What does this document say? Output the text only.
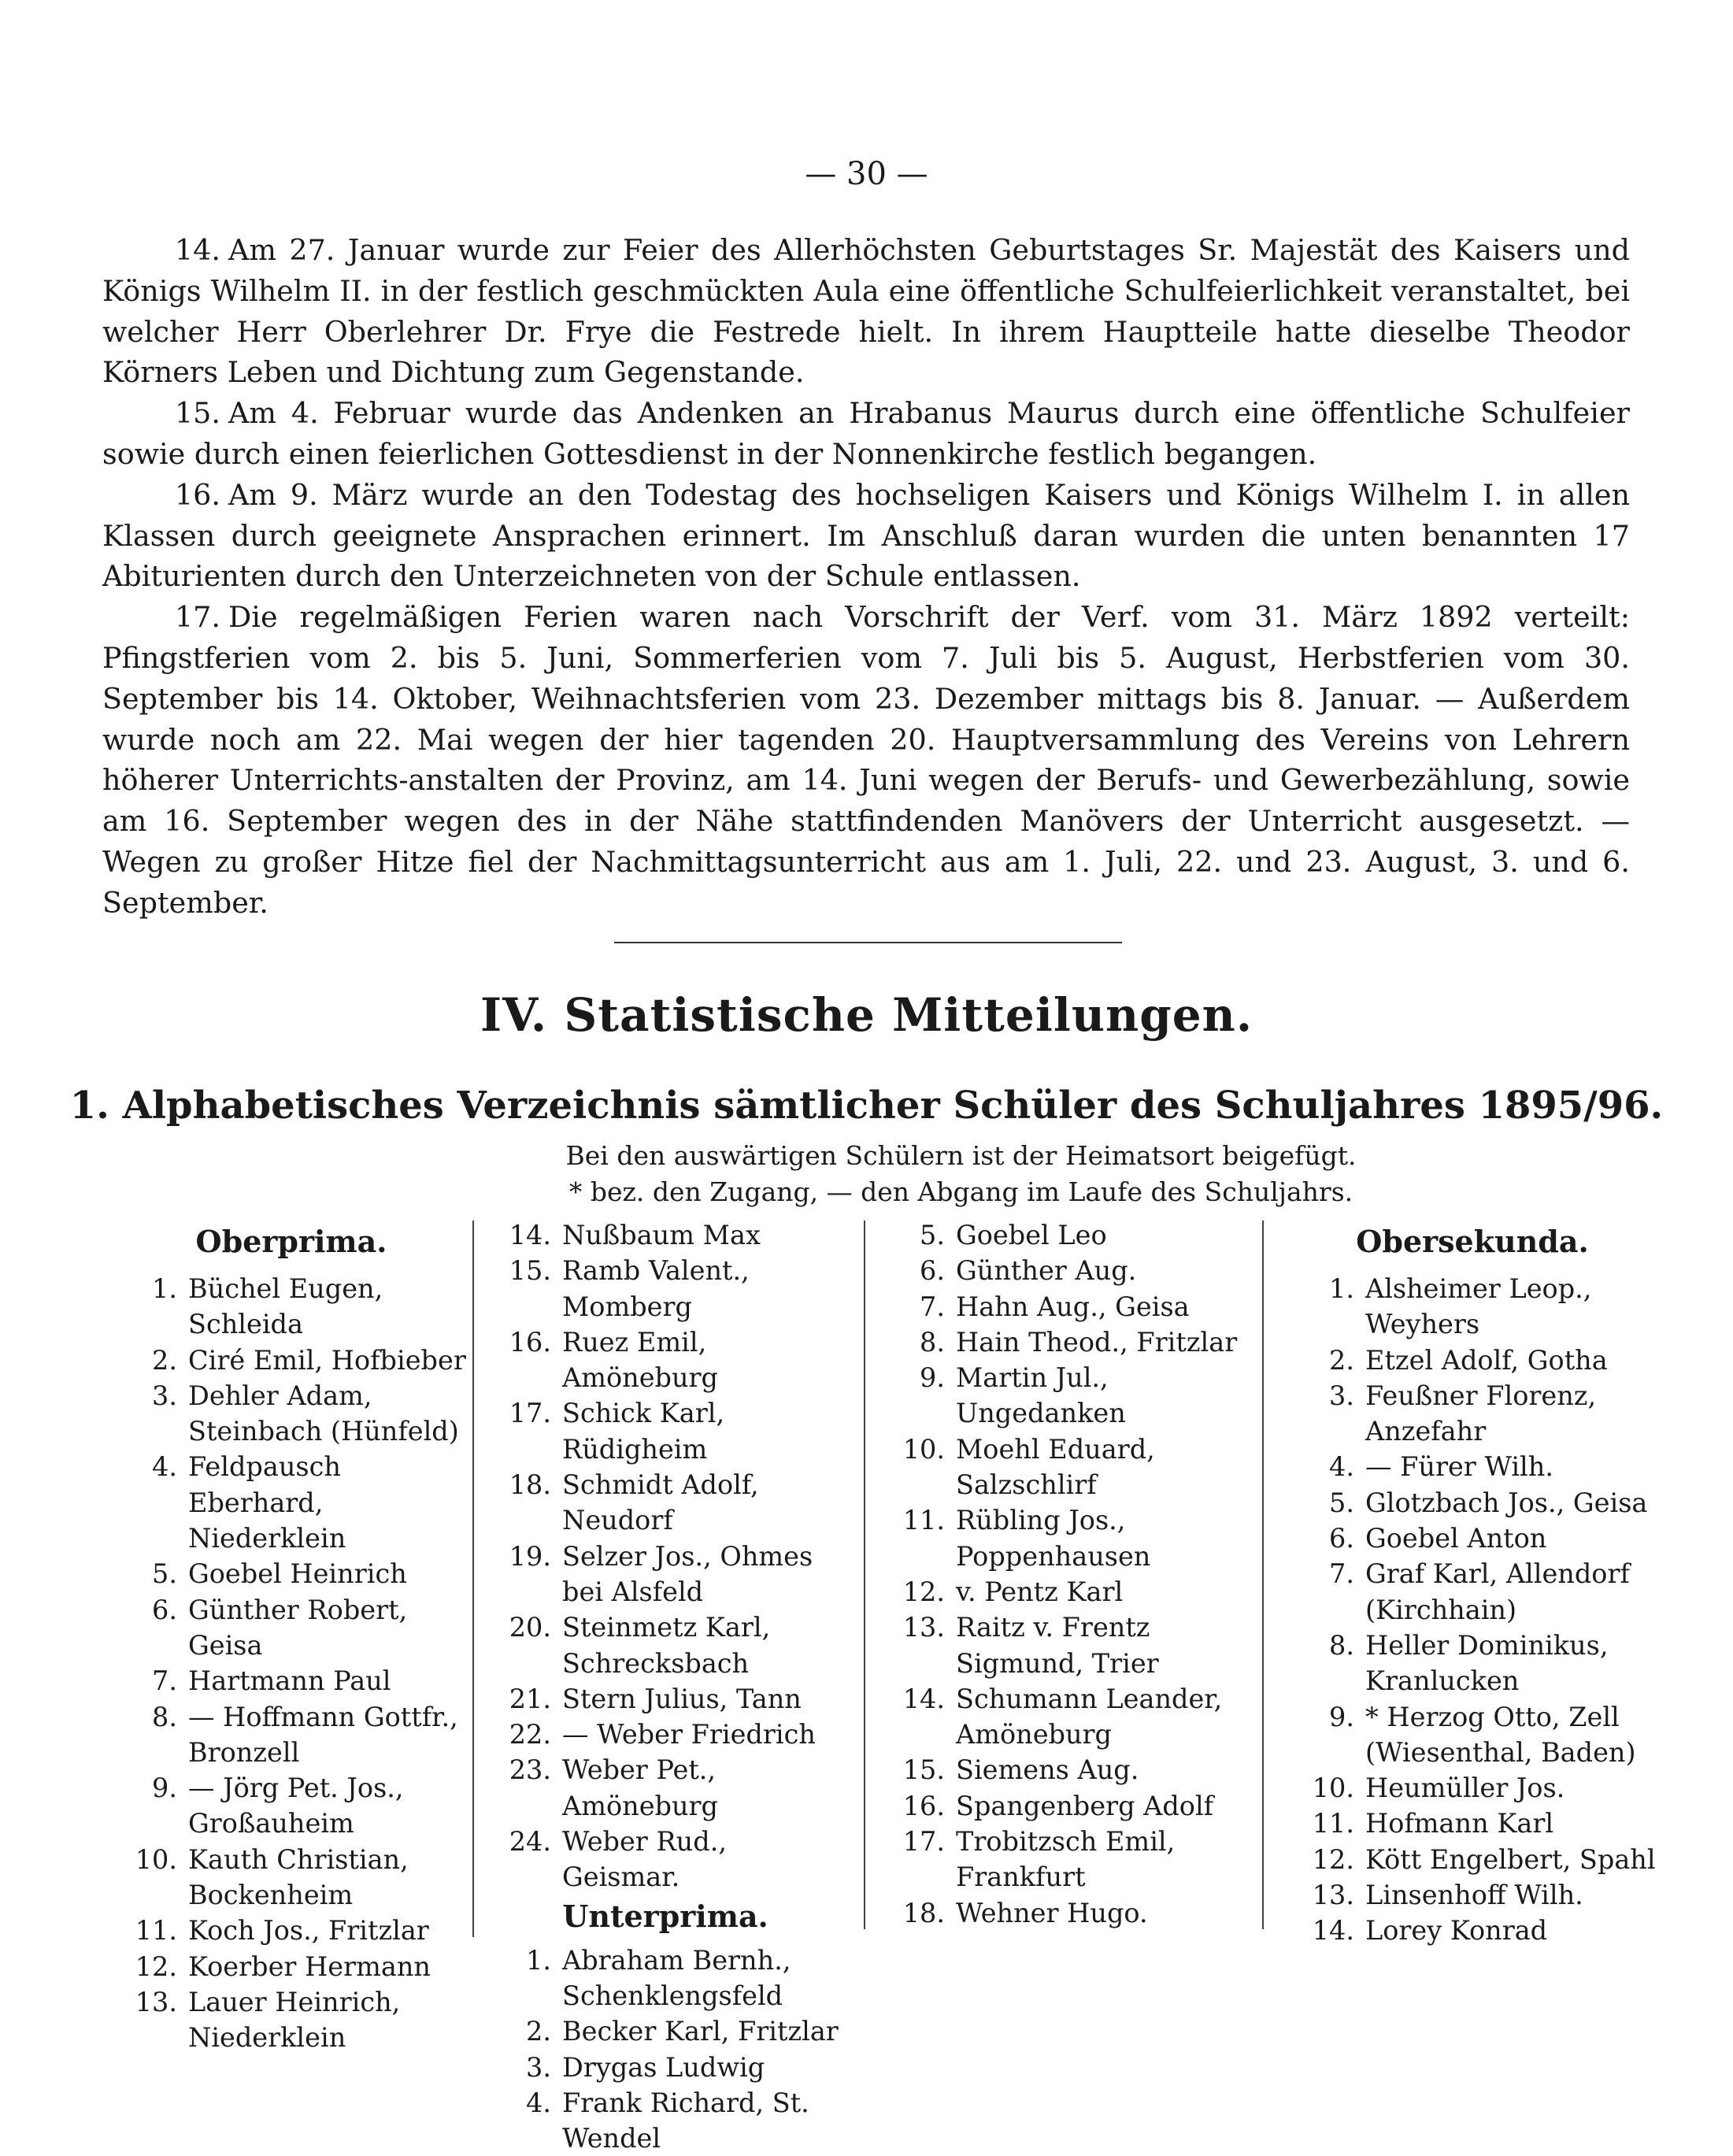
— 30 —

14. Am 27. Januar wurde zur Feier des Allerhöchsten Geburtstages Sr. Majestät des Kaisers und Königs Wilhelm II. in der festlich geschmückten Aula eine öffentliche Schulfeierlichkeit veranstaltet, bei welcher Herr Oberlehrer Dr. Frye die Festrede hielt. In ihrem Hauptteile hatte dieselbe Theodor Körners Leben und Dichtung zum Gegenstande.

15. Am 4. Februar wurde das Andenken an Hrabanus Maurus durch eine öffentliche Schulfeier sowie durch einen feierlichen Gottesdienst in der Nonnenkirche festlich begangen.

16. Am 9. März wurde an den Todestag des hochseligen Kaisers und Königs Wilhelm I. in allen Klassen durch geeignete Ansprachen erinnert. Im Anschluß daran wurden die unten benannten 17 Abiturienten durch den Unterzeichneten von der Schule entlassen.

17. Die regelmäßigen Ferien waren nach Vorschrift der Verf. vom 31. März 1892 verteilt: Pfingstferien vom 2. bis 5. Juni, Sommerferien vom 7. Juli bis 5. August, Herbstferien vom 30. September bis 14. Oktober, Weihnachtsferien vom 23. Dezember mittags bis 8. Januar. — Außerdem wurde noch am 22. Mai wegen der hier tagenden 20. Hauptversammlung des Vereins von Lehrern höherer Unterrichts-anstalten der Provinz, am 14. Juni wegen der Berufs- und Gewerbezählung, sowie am 16. September wegen des in der Nähe stattfindenden Manövers der Unterricht ausgesetzt. — Wegen zu großer Hitze fiel der Nachmittagsunterricht aus am 1. Juli, 22. und 23. August, 3. und 6. September.

IV. Statistische Mitteilungen.
1. Alphabetisches Verzeichnis sämtlicher Schüler des Schuljahres 1895/96.
Bei den auswärtigen Schülern ist der Heimatsort beigefügt.
* bez. den Zugang, — den Abgang im Laufe des Schuljahrs.
Oberprima.
1. Büchel Eugen, Schleida
2. Ciré Emil, Hofbieber
3. Dehler Adam, Steinbach (Hünfeld)
4. Feldpausch Eberhard, Niederklein
5. Goebel Heinrich
6. Günther Robert, Geisa
7. Hartmann Paul
8. — Hoffmann Gottfr., Bronzell
9. — Jörg Pet. Jos., Großauheim
10. Kauth Christian, Bockenheim
11. Koch Jos., Fritzlar
12. Koerber Hermann
13. Lauer Heinrich, Niederklein
14. Nußbaum Max
15. Ramb Valent., Momberg
16. Ruez Emil, Amöneburg
17. Schick Karl, Rüdigheim
18. Schmidt Adolf, Neudorf
19. Selzer Jos., Ohmes bei Alsfeld
20. Steinmetz Karl, Schrecksbach
21. Stern Julius, Tann
22. — Weber Friedrich
23. Weber Pet., Amöneburg
24. Weber Rud., Geismar.
Unterprima.
1. Abraham Bernh., Schenklengsfeld
2. Becker Karl, Fritzlar
3. Drygas Ludwig
4. Frank Richard, St. Wendel
5. Goebel Leo
6. Günther Aug.
7. Hahn Aug., Geisa
8. Hain Theod., Fritzlar
9. Martin Jul., Ungedanken
10. Moehl Eduard, Salzschlirf
11. Rübling Jos., Poppenhausen
12. v. Pentz Karl
13. Raitz v. Frentz Sigmund, Trier
14. Schumann Leander, Amöneburg
15. Siemens Aug.
16. Spangenberg Adolf
17. Trobitzsch Emil, Frankfurt
18. Wehner Hugo.
Obersekunda.
1. Alsheimer Leop., Weyhers
2. Etzel Adolf, Gotha
3. Feußner Florenz, Anzefahr
4. — Fürer Wilh.
5. Glotzbach Jos., Geisa
6. Goebel Anton
7. Graf Karl, Allendorf (Kirchhain)
8. Heller Dominikus, Kranlucken
9. * Herzog Otto, Zell (Wiesenthal, Baden)
10. Heumüller Jos.
11. Hofmann Karl
12. Kött Engelbert, Spahl
13. Linsenhoff Wilh.
14. Lorey Konrad
